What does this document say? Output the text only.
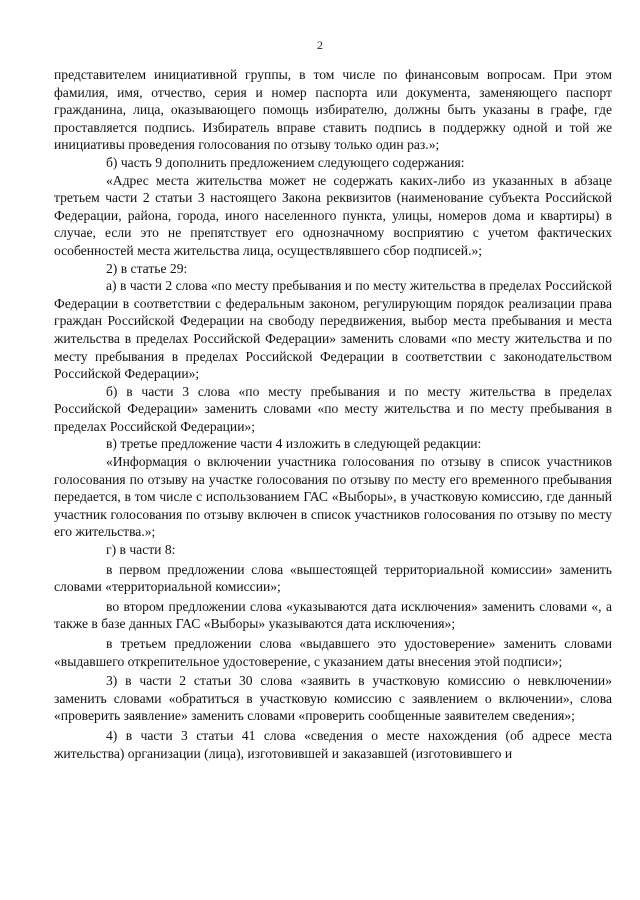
2

представителем инициативной группы, в том числе по финансовым вопросам. При этом фамилия, имя, отчество, серия и номер паспорта или документа, заменяющего паспорт гражданина, лица, оказывающего помощь избирателю, должны быть указаны в графе, где проставляется подпись. Избиратель вправе ставить подпись в поддержку одной и той же инициативы проведения голосования по отзыву только один раз.»;

б) часть 9 дополнить предложением следующего содержания:

«Адрес места жительства может не содержать каких-либо из указанных в абзаце третьем части 2 статьи 3 настоящего Закона реквизитов (наименование субъекта Российской Федерации, района, города, иного населенного пункта, улицы, номеров дома и квартиры) в случае, если это не препятствует его однозначному восприятию с учетом фактических особенностей места жительства лица, осуществлявшего сбор подписей.»;

2) в статье 29:

а) в части 2 слова «по месту пребывания и по месту жительства в пределах Российской Федерации в соответствии с федеральным законом, регулирующим порядок реализации права граждан Российской Федерации на свободу передвижения, выбор места пребывания и места жительства в пределах Российской Федерации» заменить словами «по месту жительства и по месту пребывания в пределах Российской Федерации в соответствии с законодательством Российской Федерации»;

б) в части 3 слова «по месту пребывания и по месту жительства в пределах Российской Федерации» заменить словами «по месту жительства и по месту пребывания в пределах Российской Федерации»;

в) третье предложение части 4 изложить в следующей редакции:

«Информация о включении участника голосования по отзыву в список участников голосования по отзыву на участке голосования по отзыву по месту его временного пребывания передается, в том числе с использованием ГАС «Выборы», в участковую комиссию, где данный участник голосования по отзыву включен в список участников голосования по отзыву по месту его жительства.»;

г) в части 8:

в первом предложении слова «вышестоящей территориальной комиссии» заменить словами «территориальной комиссии»;

во втором предложении слова «указываются дата исключения» заменить словами «, а также в базе данных ГАС «Выборы» указываются дата исключения»;

в третьем предложении слова «выдавшего это удостоверение» заменить словами «выдавшего открепительное удостоверение, с указанием даты внесения этой подписи»;

3) в части 2 статьи 30 слова «заявить в участковую комиссию о невключении» заменить словами «обратиться в участковую комиссию с заявлением о включении», слова «проверить заявление» заменить словами «проверить сообщенные заявителем сведения»;

4) в части 3 статьи 41 слова «сведения о месте нахождения (об адресе места жительства) организации (лица), изготовившей и заказавшей (изготовившего и
